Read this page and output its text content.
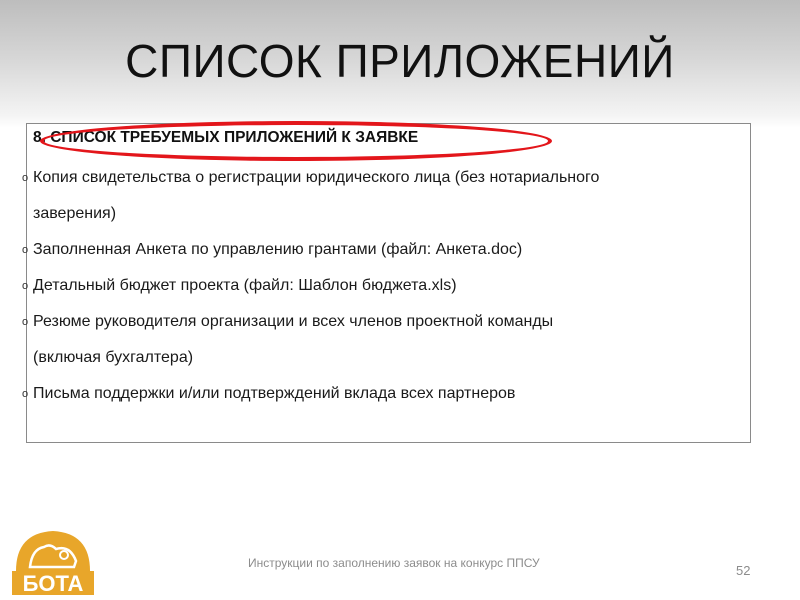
СПИСОК ПРИЛОЖЕНИЙ
8. СПИСОК ТРЕБУЕМЫХ ПРИЛОЖЕНИЙ К ЗАЯВКЕ
o Копия свидетельства о регистрации юридического лица (без нотариального
заверения)
o Заполненная Анкета по управлению грантами (файл: Анкета.doc)
o Детальный бюджет проекта (файл: Шаблон бюджета.xls)
o Резюме руководителя организации и всех членов проектной команды
(включая бухгалтера)
o Письма поддержки и/или подтверждений вклада всех партнеров
Инструкции по заполнению заявок на конкурс ППСУ	52
БОТА
